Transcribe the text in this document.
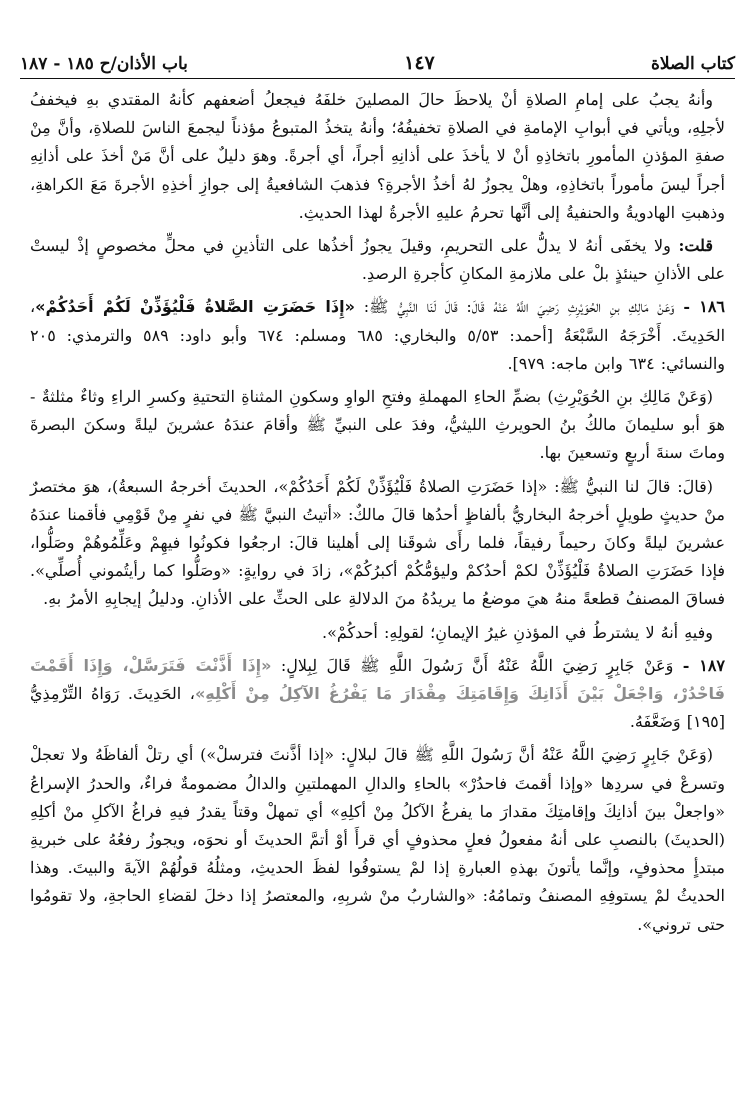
كتاب الصلاة
١٤٧
باب الأذان/ح ١٨٥ - ١٨٧

وأنهُ يجبُ على إمامِ الصلاةِ أنْ يلاحظَ حالَ المصلينَ خلفَهُ فيجعلُ أضعفهم كأنهُ المقتدي بهِ فيخففُ لأجلِهِ، ويأتي في أبوابِ الإمامةِ في الصلاةِ تخفيفُهُ؛ وأنهُ يتخذُ المتبوعُ مؤذناً ليجمعَ الناسَ للصلاةِ، وأنَّ مِنْ صفةِ المؤذنِ المأمورِ باتخاذِهِ أنْ لا يأخذَ على أذانِهِ أجراً، أي أجرةً. وهوَ دليلٌ على أنَّ مَنْ أخذَ على أذانِهِ أجراً ليسَ مأموراً باتخاذِهِ، وهلْ يجوزُ لهُ أخذُ الأجرةِ؟ فذهبَ الشافعيةُ إلى جوازِ أخذِهِ الأجرةَ مَعَ الكراهةِ، وذهبتِ الهادويةُ والحنفيةُ إلى أنَّها تحرمُ عليهِ الأجرةُ لهذا الحديثِ.

قلت: ولا يخفَى أنهُ لا يدلُّ على التحريمِ، وقيلَ يجوزُ أخذُها على التأذينِ في محلٍّ مخصوصٍ إذْ ليستْ على الأذانِ حينئذٍ بلْ على ملازمةِ المكانِ كأجرةِ الرصدِ.

١٨٦ - وَعَنْ مَالِكِ بنِ الحُوَيْرِثِ رَضِيَ اللَّهُ عَنْهُ قَالَ: قَالَ لَنَا النَّبِيُّ ﷺ: «إِذَا حَضَرَتِ الصَّلاةُ فَلْيُؤَذِّنْ لَكُمْ أَحَدُكُمْ»، الحَدِيثَ. أَخْرَجَهُ السَّبْعَةُ [أحمد: ٥/٥٣ والبخاري: ٦٨٥ ومسلم: ٦٧٤ وأبو داود: ٥٨٩ والترمذي: ٢٠٥ والنسائي: ٦٣٤ وابن ماجه: ٩٧٩].

(وَعَنْ مَالِكِ بنِ الحُوَيْرِثِ) بضمِّ الحاءِ المهملةِ وفتحِ الواوِ وسكونِ المثناةِ التحتيةِ وكسرِ الراءِ وثاءٌ مثلثةٌ - هوَ أبو سليمانَ مالكُ بنُ الحويرثِ الليثيُّ، وفدَ على النبيِّ ﷺ وأقامَ عندَهُ عشرينَ ليلةً وسكنَ البصرةَ وماتَ سنةَ أربعٍ وتسعينَ بها.

(قالَ: قالَ لنا النبيُّ ﷺ: «إذا حَضَرَتِ الصلاةُ فَلْيُؤَذِّنْ لَكُمْ أَحَدُكُمْ»، الحديثَ أخرجهُ السبعةُ)، هوَ مختصرٌ منْ حديثٍ طويلٍ أخرجهُ البخاريُّ بألفاظٍ أحدُها قالَ مالكٌ: «أتيتُ النبيَّ ﷺ في نفرٍ مِنْ قَوْمِي فأقمنا عندَهُ عشرينَ ليلةً وكانَ رحيماً رفيقاً، فلما رأَى شوقَنا إلى أهلينا قالَ: ارجعُوا فكونُوا فيهِمْ وعَلِّمُوهُمْ وصَلُّوا، فإذا حَضَرَتِ الصلاةُ فَلْيُؤَذِّنْ لكمْ أحدُكمْ وليؤمُّكُمْ أكبرُكُمْ»، زادَ في روايةٍ: «وصَلُّوا كما رأيتُموني أُصلِّي». فساقَ المصنفُ قطعةً منهُ هيَ موضعُ ما يريدُهُ منَ الدلالةِ على الحثِّ على الأذانِ. ودليلُ إيجابِهِ الأمرُ بهِ.

وفيهِ أنهُ لا يشترطُ في المؤذنِ غيرُ الإيمانِ؛ لقولِهِ: أحدكُمْ».

١٨٧ - وَعَنْ جَابِرٍ رَضِيَ اللَّهُ عَنْهُ أَنَّ رَسُولَ اللَّهِ ﷺ قَالَ لِبِلالٍ: «إِذَا أَذَّنْتَ فَتَرَسَّلْ، وَإِذَا أَقَمْتَ فَاحْدُرْ، وَاجْعَلْ بَيْنَ أَذَانِكَ وَإِقَامَتِكَ مِقْدَارَ مَا يَفْرُغُ الآكِلُ مِنْ أَكْلِهِ»، الحَدِيثَ. رَوَاهُ التِّرْمِذِيُّ [١٩٥] وَضَعَّفَهُ.

(وَعَنْ جَابِرٍ رَضِيَ اللَّهُ عَنْهُ أنَّ رَسُولَ اللَّهِ ﷺ قالَ لبلالٍ: «إذا أذَّنتَ فترسلْ») أي رتلْ ألفاظَهُ ولا تعجلْ وتسرعْ في سردِها «وإذا أقمتَ فاحدُرْ» بالحاءِ والدالِ المهملتينِ والدالُ مضمومةٌ فراءٌ، والحدرُ الإسراعُ «واجعلْ بينَ أذانِكَ وإقامتِكَ مقدارَ ما يفرغُ الآكلُ مِنْ أكلِهِ» أي تمهلْ وقتاً يقدرُ فيهِ فراغُ الآكلِ منْ أكلِهِ (الحديثَ) بالنصبِ على أنهُ مفعولُ فعلٍ محذوفٍ أي قرأَ أوْ أتمَّ الحديثَ أو نحوَه، ويجوزُ رفعُهُ على خبريةِ مبتدأٍ محذوفٍ، وإنَّما يأتونَ بهذهِ العبارةِ إذا لمْ يستوفُوا لفظَ الحديثِ، ومثلُهُ قولُهُمْ الآيةَ والبيتَ. وهذا الحديثُ لمْ يستوفِهِ المصنفُ وتمامُهُ: «والشاربُ منْ شربِهِ، والمعتصرُ إذا دخلَ لقضاءِ الحاجةِ، ولا تقومُوا حتى تروني».
